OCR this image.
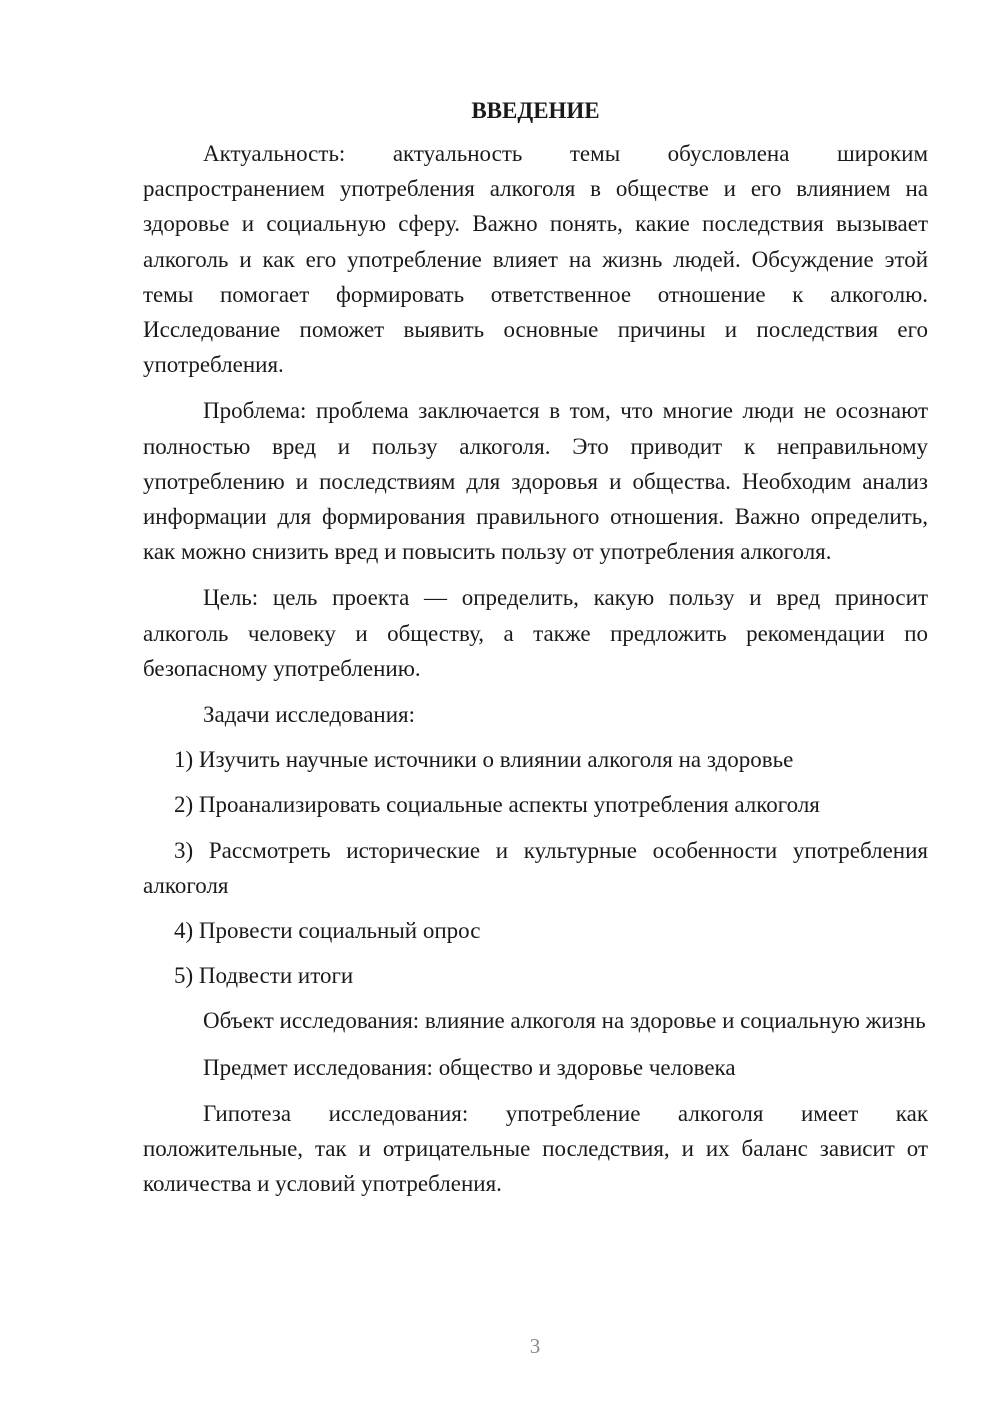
ВВЕДЕНИЕ

Актуальность: актуальность темы обусловлена широким распространением употребления алкоголя в обществе и его влиянием на здоровье и социальную сферу. Важно понять, какие последствия вызывает алкоголь и как его употребление влияет на жизнь людей. Обсуждение этой темы помогает формировать ответственное отношение к алкоголю. Исследование поможет выявить основные причины и последствия его употребления.

Проблема: проблема заключается в том, что многие люди не осознают полностью вред и пользу алкоголя. Это приводит к неправильному употреблению и последствиям для здоровья и общества. Необходим анализ информации для формирования правильного отношения. Важно определить, как можно снизить вред и повысить пользу от употребления алкоголя.

Цель: цель проекта — определить, какую пользу и вред приносит алкоголь человеку и обществу, а также предложить рекомендации по безопасному употреблению.

Задачи исследования:

1) Изучить научные источники о влиянии алкоголя на здоровье

2) Проанализировать социальные аспекты употребления алкоголя

3) Рассмотреть исторические и культурные особенности употребления алкоголя

4) Провести социальный опрос

5) Подвести итоги

Объект исследования: влияние алкоголя на здоровье и социальную жизнь

Предмет исследования: общество и здоровье человека

Гипотеза исследования: употребление алкоголя имеет как положительные, так и отрицательные последствия, и их баланс зависит от количества и условий употребления.

3
